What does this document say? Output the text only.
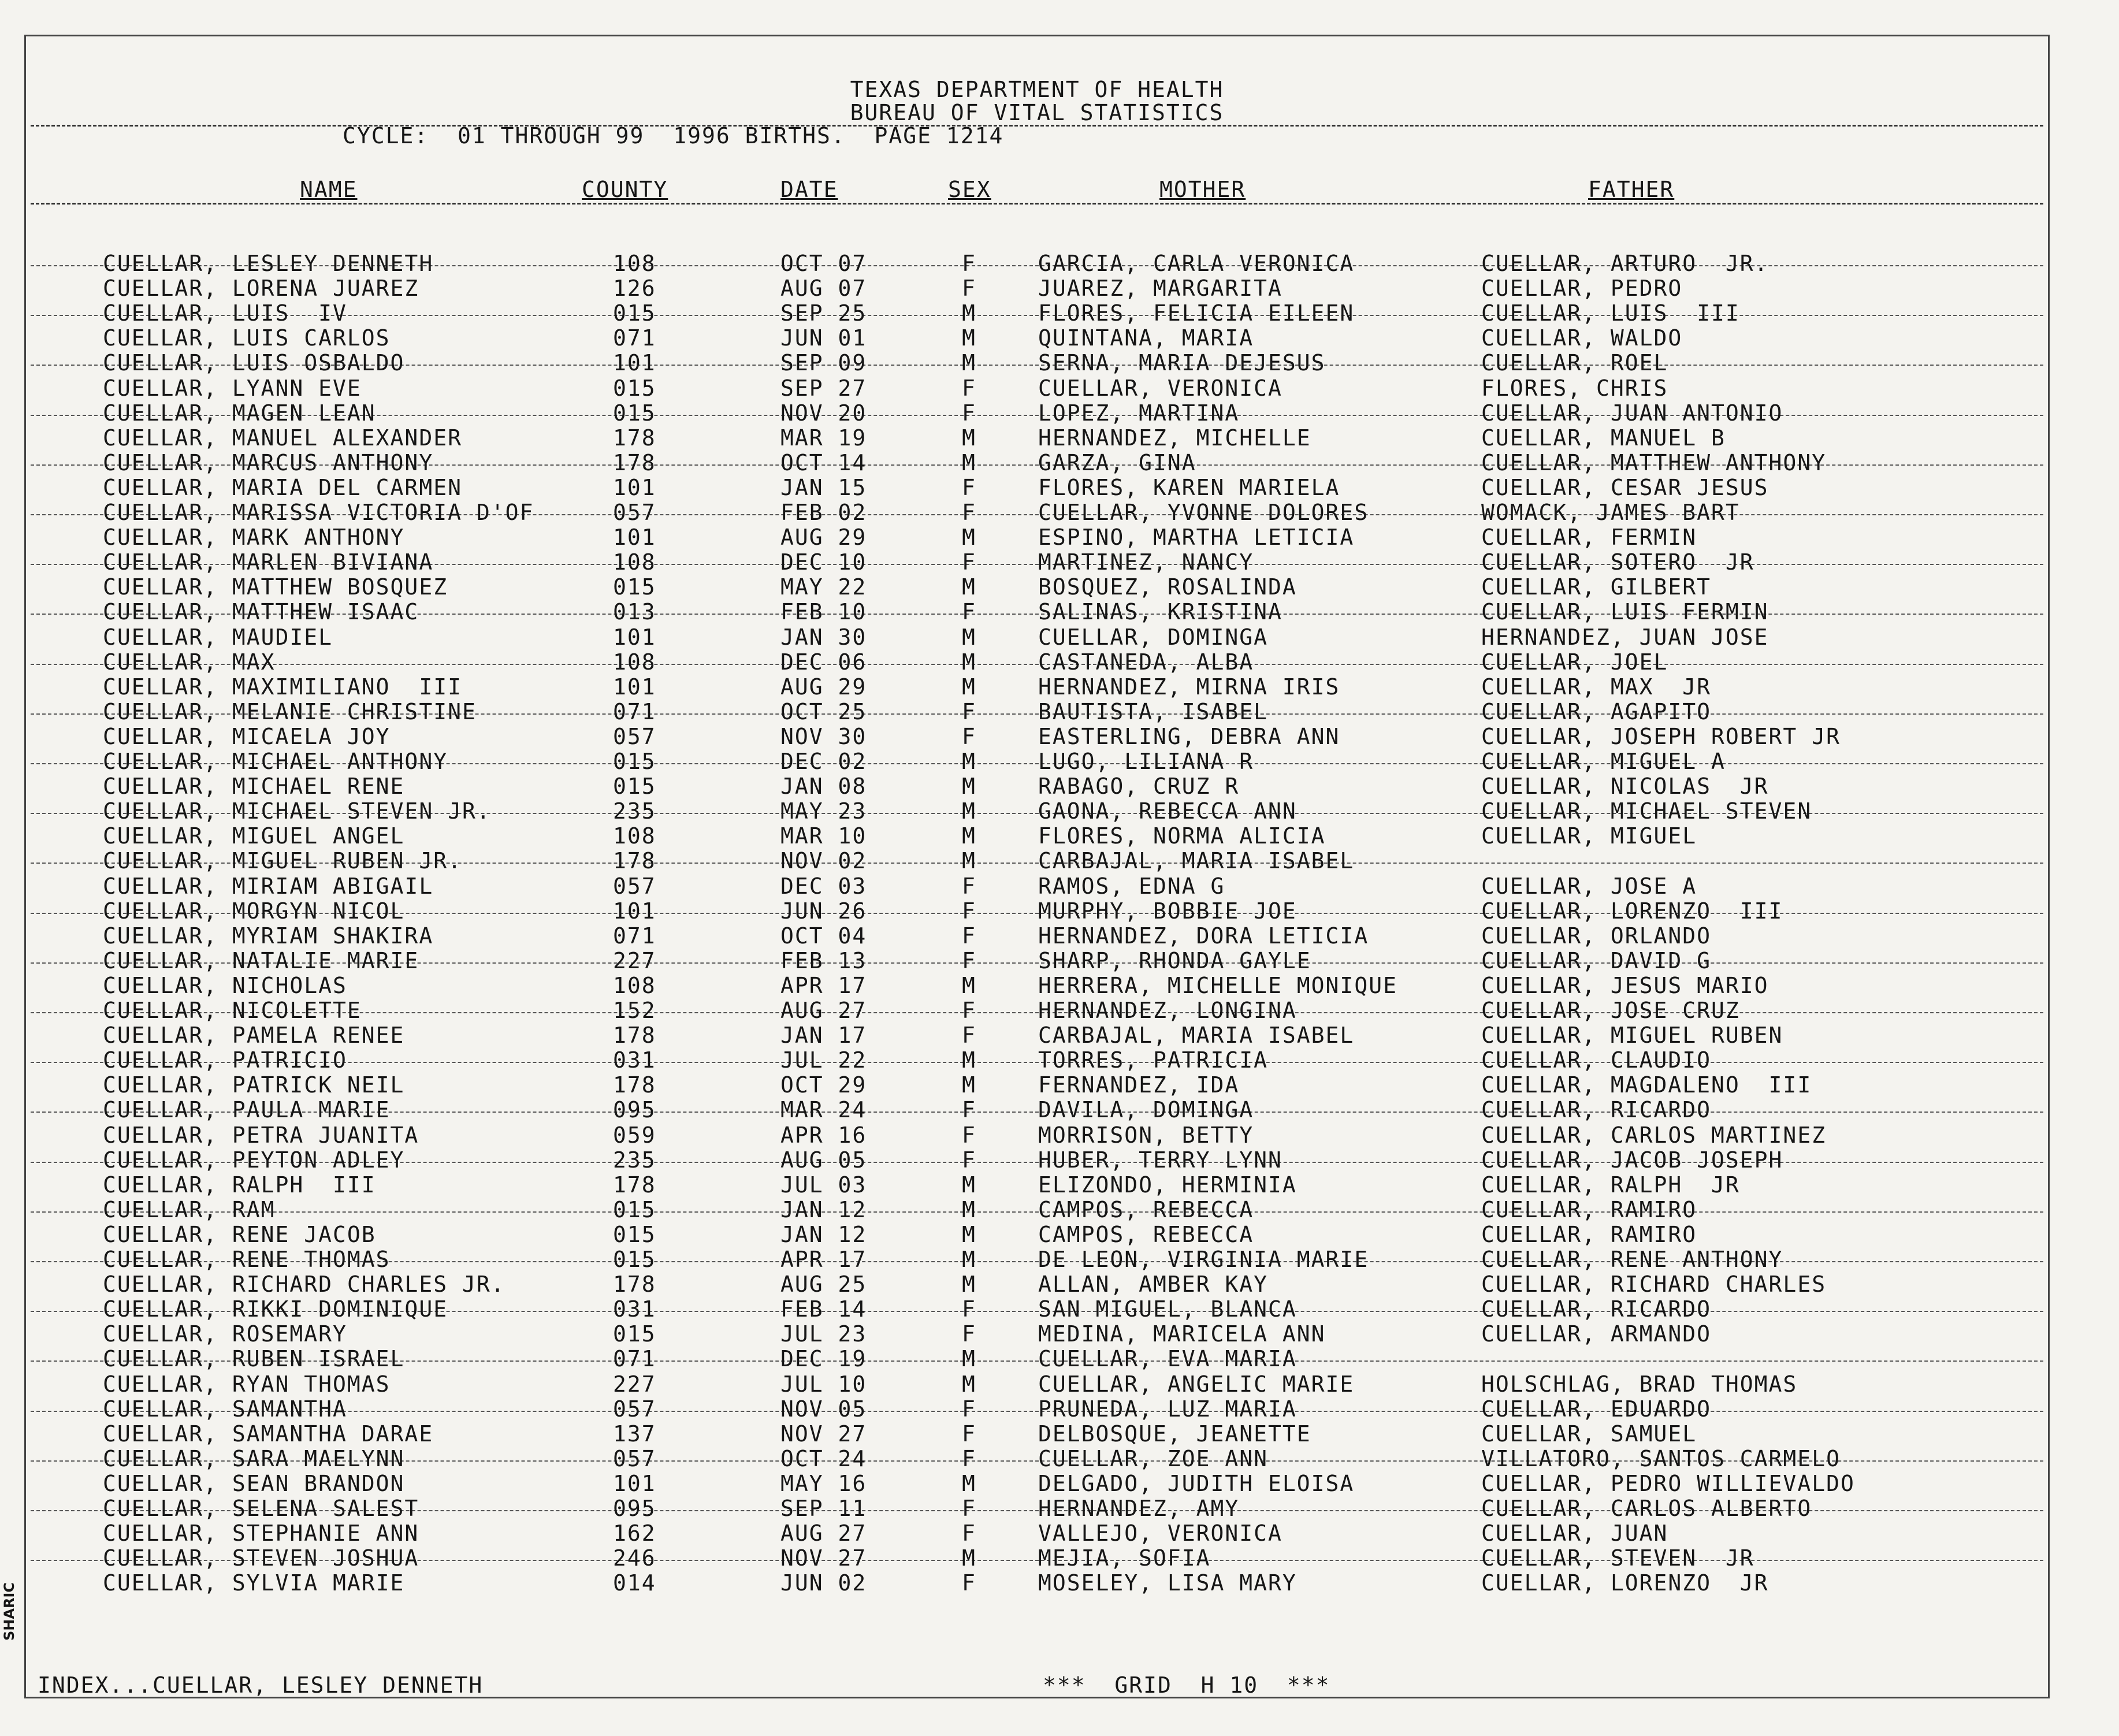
SHARIC
TEXAS DEPARTMENT OF HEALTH
BUREAU OF VITAL STATISTICS
CYCLE:  01 THROUGH 99  1996 BIRTHS.  PAGE 1214
NAME	COUNTY	DATE	SEX	MOTHER	FATHER
CUELLAR, LESLEY DENNETH	108	OCT 07	F	GARCIA, CARLA VERONICA	CUELLAR, ARTURO  JR.
CUELLAR, LORENA JUAREZ	126	AUG 07	F	JUAREZ, MARGARITA	CUELLAR, PEDRO
CUELLAR, LUIS  IV	015	SEP 25	M	FLORES, FELICIA EILEEN	CUELLAR, LUIS  III
CUELLAR, LUIS CARLOS	071	JUN 01	M	QUINTANA, MARIA	CUELLAR, WALDO
CUELLAR, LUIS OSBALDO	101	SEP 09	M	SERNA, MARIA DEJESUS	CUELLAR, ROEL
CUELLAR, LYANN EVE	015	SEP 27	F	CUELLAR, VERONICA	FLORES, CHRIS
CUELLAR, MAGEN LEAN	015	NOV 20	F	LOPEZ, MARTINA	CUELLAR, JUAN ANTONIO
CUELLAR, MANUEL ALEXANDER	178	MAR 19	M	HERNANDEZ, MICHELLE	CUELLAR, MANUEL B
CUELLAR, MARCUS ANTHONY	178	OCT 14	M	GARZA, GINA	CUELLAR, MATTHEW ANTHONY
CUELLAR, MARIA DEL CARMEN	101	JAN 15	F	FLORES, KAREN MARIELA	CUELLAR, CESAR JESUS
CUELLAR, MARISSA VICTORIA D'OF	057	FEB 02	F	CUELLAR, YVONNE DOLORES	WOMACK, JAMES BART
CUELLAR, MARK ANTHONY	101	AUG 29	M	ESPINO, MARTHA LETICIA	CUELLAR, FERMIN
CUELLAR, MARLEN BIVIANA	108	DEC 10	F	MARTINEZ, NANCY	CUELLAR, SOTERO  JR
CUELLAR, MATTHEW BOSQUEZ	015	MAY 22	M	BOSQUEZ, ROSALINDA	CUELLAR, GILBERT
CUELLAR, MATTHEW ISAAC	013	FEB 10	F	SALINAS, KRISTINA	CUELLAR, LUIS FERMIN
CUELLAR, MAUDIEL	101	JAN 30	M	CUELLAR, DOMINGA	HERNANDEZ, JUAN JOSE
CUELLAR, MAX	108	DEC 06	M	CASTANEDA, ALBA	CUELLAR, JOEL
CUELLAR, MAXIMILIANO  III	101	AUG 29	M	HERNANDEZ, MIRNA IRIS	CUELLAR, MAX  JR
CUELLAR, MELANIE CHRISTINE	071	OCT 25	F	BAUTISTA, ISABEL	CUELLAR, AGAPITO
CUELLAR, MICAELA JOY	057	NOV 30	F	EASTERLING, DEBRA ANN	CUELLAR, JOSEPH ROBERT JR
CUELLAR, MICHAEL ANTHONY	015	DEC 02	M	LUGO, LILIANA R	CUELLAR, MIGUEL A
CUELLAR, MICHAEL RENE	015	JAN 08	M	RABAGO, CRUZ R	CUELLAR, NICOLAS  JR
CUELLAR, MICHAEL STEVEN JR.	235	MAY 23	M	GAONA, REBECCA ANN	CUELLAR, MICHAEL STEVEN
CUELLAR, MIGUEL ANGEL	108	MAR 10	M	FLORES, NORMA ALICIA	CUELLAR, MIGUEL
CUELLAR, MIGUEL RUBEN JR.	178	NOV 02	M	CARBAJAL, MARIA ISABEL
CUELLAR, MIRIAM ABIGAIL	057	DEC 03	F	RAMOS, EDNA G	CUELLAR, JOSE A
CUELLAR, MORGYN NICOL	101	JUN 26	F	MURPHY, BOBBIE JOE	CUELLAR, LORENZO  III
CUELLAR, MYRIAM SHAKIRA	071	OCT 04	F	HERNANDEZ, DORA LETICIA	CUELLAR, ORLANDO
CUELLAR, NATALIE MARIE	227	FEB 13	F	SHARP, RHONDA GAYLE	CUELLAR, DAVID G
CUELLAR, NICHOLAS	108	APR 17	M	HERRERA, MICHELLE MONIQUE	CUELLAR, JESUS MARIO
CUELLAR, NICOLETTE	152	AUG 27	F	HERNANDEZ, LONGINA	CUELLAR, JOSE CRUZ
CUELLAR, PAMELA RENEE	178	JAN 17	F	CARBAJAL, MARIA ISABEL	CUELLAR, MIGUEL RUBEN
CUELLAR, PATRICIO	031	JUL 22	M	TORRES, PATRICIA	CUELLAR, CLAUDIO
CUELLAR, PATRICK NEIL	178	OCT 29	M	FERNANDEZ, IDA	CUELLAR, MAGDALENO  III
CUELLAR, PAULA MARIE	095	MAR 24	F	DAVILA, DOMINGA	CUELLAR, RICARDO
CUELLAR, PETRA JUANITA	059	APR 16	F	MORRISON, BETTY	CUELLAR, CARLOS MARTINEZ
CUELLAR, PEYTON ADLEY	235	AUG 05	F	HUBER, TERRY LYNN	CUELLAR, JACOB JOSEPH
CUELLAR, RALPH  III	178	JUL 03	M	ELIZONDO, HERMINIA	CUELLAR, RALPH  JR
CUELLAR, RAM	015	JAN 12	M	CAMPOS, REBECCA	CUELLAR, RAMIRO
CUELLAR, RENE JACOB	015	JAN 12	M	CAMPOS, REBECCA	CUELLAR, RAMIRO
CUELLAR, RENE THOMAS	015	APR 17	M	DE LEON, VIRGINIA MARIE	CUELLAR, RENE ANTHONY
CUELLAR, RICHARD CHARLES JR.	178	AUG 25	M	ALLAN, AMBER KAY	CUELLAR, RICHARD CHARLES
CUELLAR, RIKKI DOMINIQUE	031	FEB 14	F	SAN MIGUEL, BLANCA	CUELLAR, RICARDO
CUELLAR, ROSEMARY	015	JUL 23	F	MEDINA, MARICELA ANN	CUELLAR, ARMANDO
CUELLAR, RUBEN ISRAEL	071	DEC 19	M	CUELLAR, EVA MARIA
CUELLAR, RYAN THOMAS	227	JUL 10	M	CUELLAR, ANGELIC MARIE	HOLSCHLAG, BRAD THOMAS
CUELLAR, SAMANTHA	057	NOV 05	F	PRUNEDA, LUZ MARIA	CUELLAR, EDUARDO
CUELLAR, SAMANTHA DARAE	137	NOV 27	F	DELBOSQUE, JEANETTE	CUELLAR, SAMUEL
CUELLAR, SARA MAELYNN	057	OCT 24	F	CUELLAR, ZOE ANN	VILLATORO, SANTOS CARMELO
CUELLAR, SEAN BRANDON	101	MAY 16	M	DELGADO, JUDITH ELOISA	CUELLAR, PEDRO WILLIEVALDO
CUELLAR, SELENA SALEST	095	SEP 11	F	HERNANDEZ, AMY	CUELLAR, CARLOS ALBERTO
CUELLAR, STEPHANIE ANN	162	AUG 27	F	VALLEJO, VERONICA	CUELLAR, JUAN
CUELLAR, STEVEN JOSHUA	246	NOV 27	M	MEJIA, SOFIA	CUELLAR, STEVEN  JR
CUELLAR, SYLVIA MARIE	014	JUN 02	F	MOSELEY, LISA MARY	CUELLAR, LORENZO  JR
INDEX...CUELLAR, LESLEY DENNETH	***  GRID  H 10  ***
